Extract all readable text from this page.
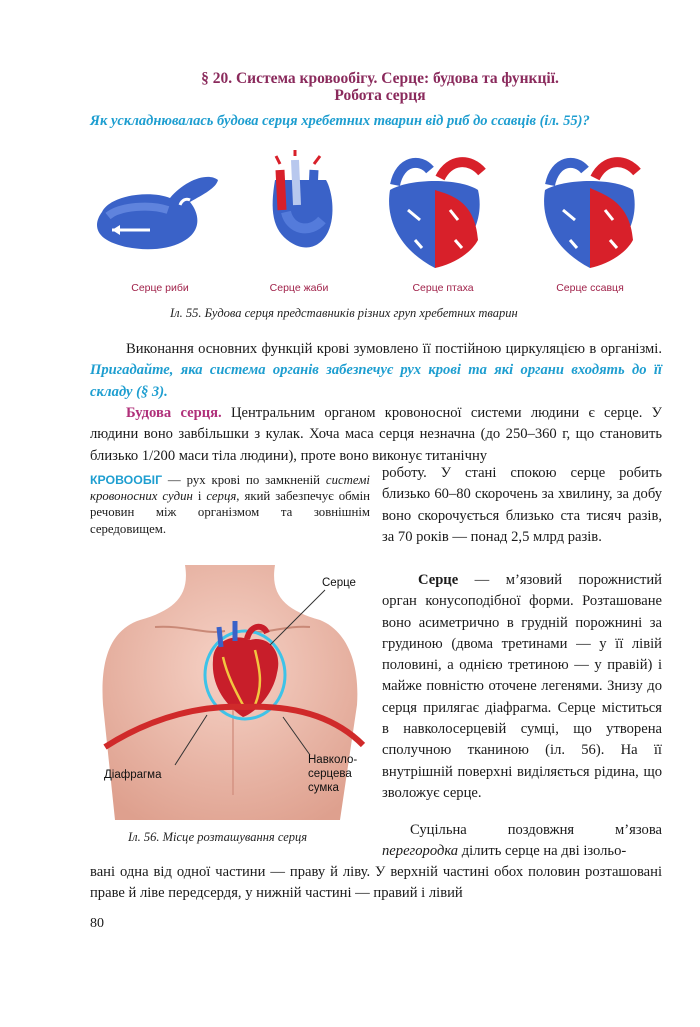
§ 20. Система кровообігу. Серце: будова та функції.
Робота серця
Як ускладнювалась будова серця хребетних тварин від риб до ссавців (іл. 55)?
Серце риби	Серце жаби	Серце птаха	Серце ссавця
Іл. 55. Будова серця представників різних груп хребетних тварин
Виконання основних функцій крові зумовлено її постійною циркуляцією в організмі. Пригадайте, яка система органів забезпечує рух крові та які органи входять до її складу (§ 3).
Будова серця. Центральним органом кровоносної системи людини є серце. У людини воно завбільшки з кулак. Хоча маса серця незначна (до 250–360 г, що становить близько 1/200 маси тіла людини), проте воно виконує титанічну
КРОВООБІГ — рух крові по замкненій системі кровоносних судин і серця, який забезпечує обмін речовин між організмом та зовнішнім середовищем.
роботу. У стані спокою серце робить близько 60–80 скорочень за хвилину, за добу воно скорочується близько ста тисяч разів, за 70 років — понад 2,5 млрд разів.
Серце — м’язовий порожнистий орган конусоподібної форми. Розташоване воно асиметрично в грудній порожнині за грудиною (двома третинами — у її лівій половині, а однією третиною — у правій) і майже повністю оточене легенями. Знизу до серця прилягає діафрагма. Серце міститься в навколосерцевій сумці, що утворена сполучною тканиною (іл. 56). На її внутрішній поверхні виділяється рідина, що зволожує серце.
Серце
Діафрагма
Навколо-
серцева
сумка
Іл. 56. Місце розташування серця	Суцільна поздовжня м’язова перегородка ділить серце на дві ізольо-
вані одна від одної частини — праву й ліву. У верхній частині обох половин розташовані праве й ліве передсердя, у нижній частині — правий і лівий
80
